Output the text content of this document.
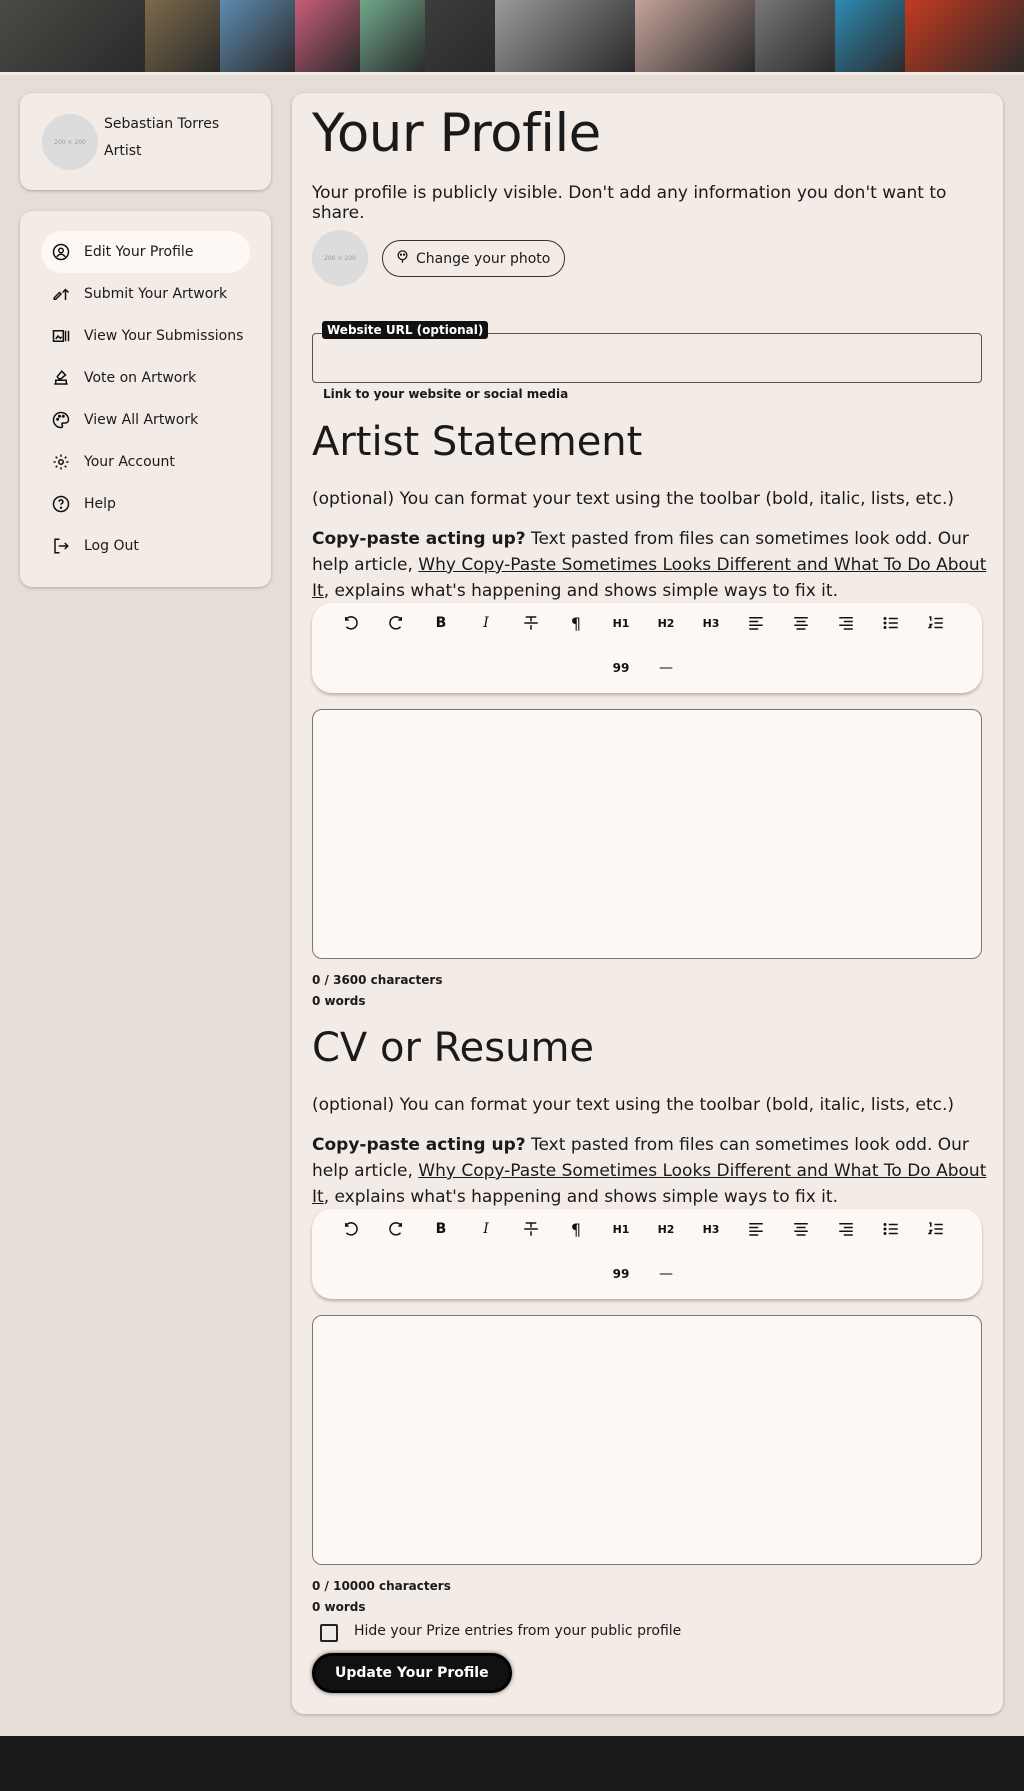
200 × 200
Sebastian Torres
Artist
Edit Your Profile
Submit Your Artwork
View Your Submissions
Vote on Artwork
View All Artwork
Your Account
Help
Log Out
Your Profile

Your profile is publicly visible. Don't add any information you don't want to share.

200 × 200	Change your photo
Website URL (optional)
Link to your website or social media
Artist Statement

(optional) You can format your text using the toolbar (bold, italic, lists, etc.)

Copy-paste acting up? Text pasted from files can sometimes look odd. Our help article, Why Copy-Paste Sometimes Looks Different and What To Do About It, explains what's happening and shows simple ways to fix it.

B	I	¶	H1	H2	H3
99	—
0 / 3600 characters
0 words
CV or Resume

(optional) You can format your text using the toolbar (bold, italic, lists, etc.)

Copy-paste acting up? Text pasted from files can sometimes look odd. Our help article, Why Copy-Paste Sometimes Looks Different and What To Do About It, explains what's happening and shows simple ways to fix it.

B	I	¶	H1	H2	H3
99	—
0 / 10000 characters
0 words
Hide your Prize entries from your public profile
Update Your Profile
